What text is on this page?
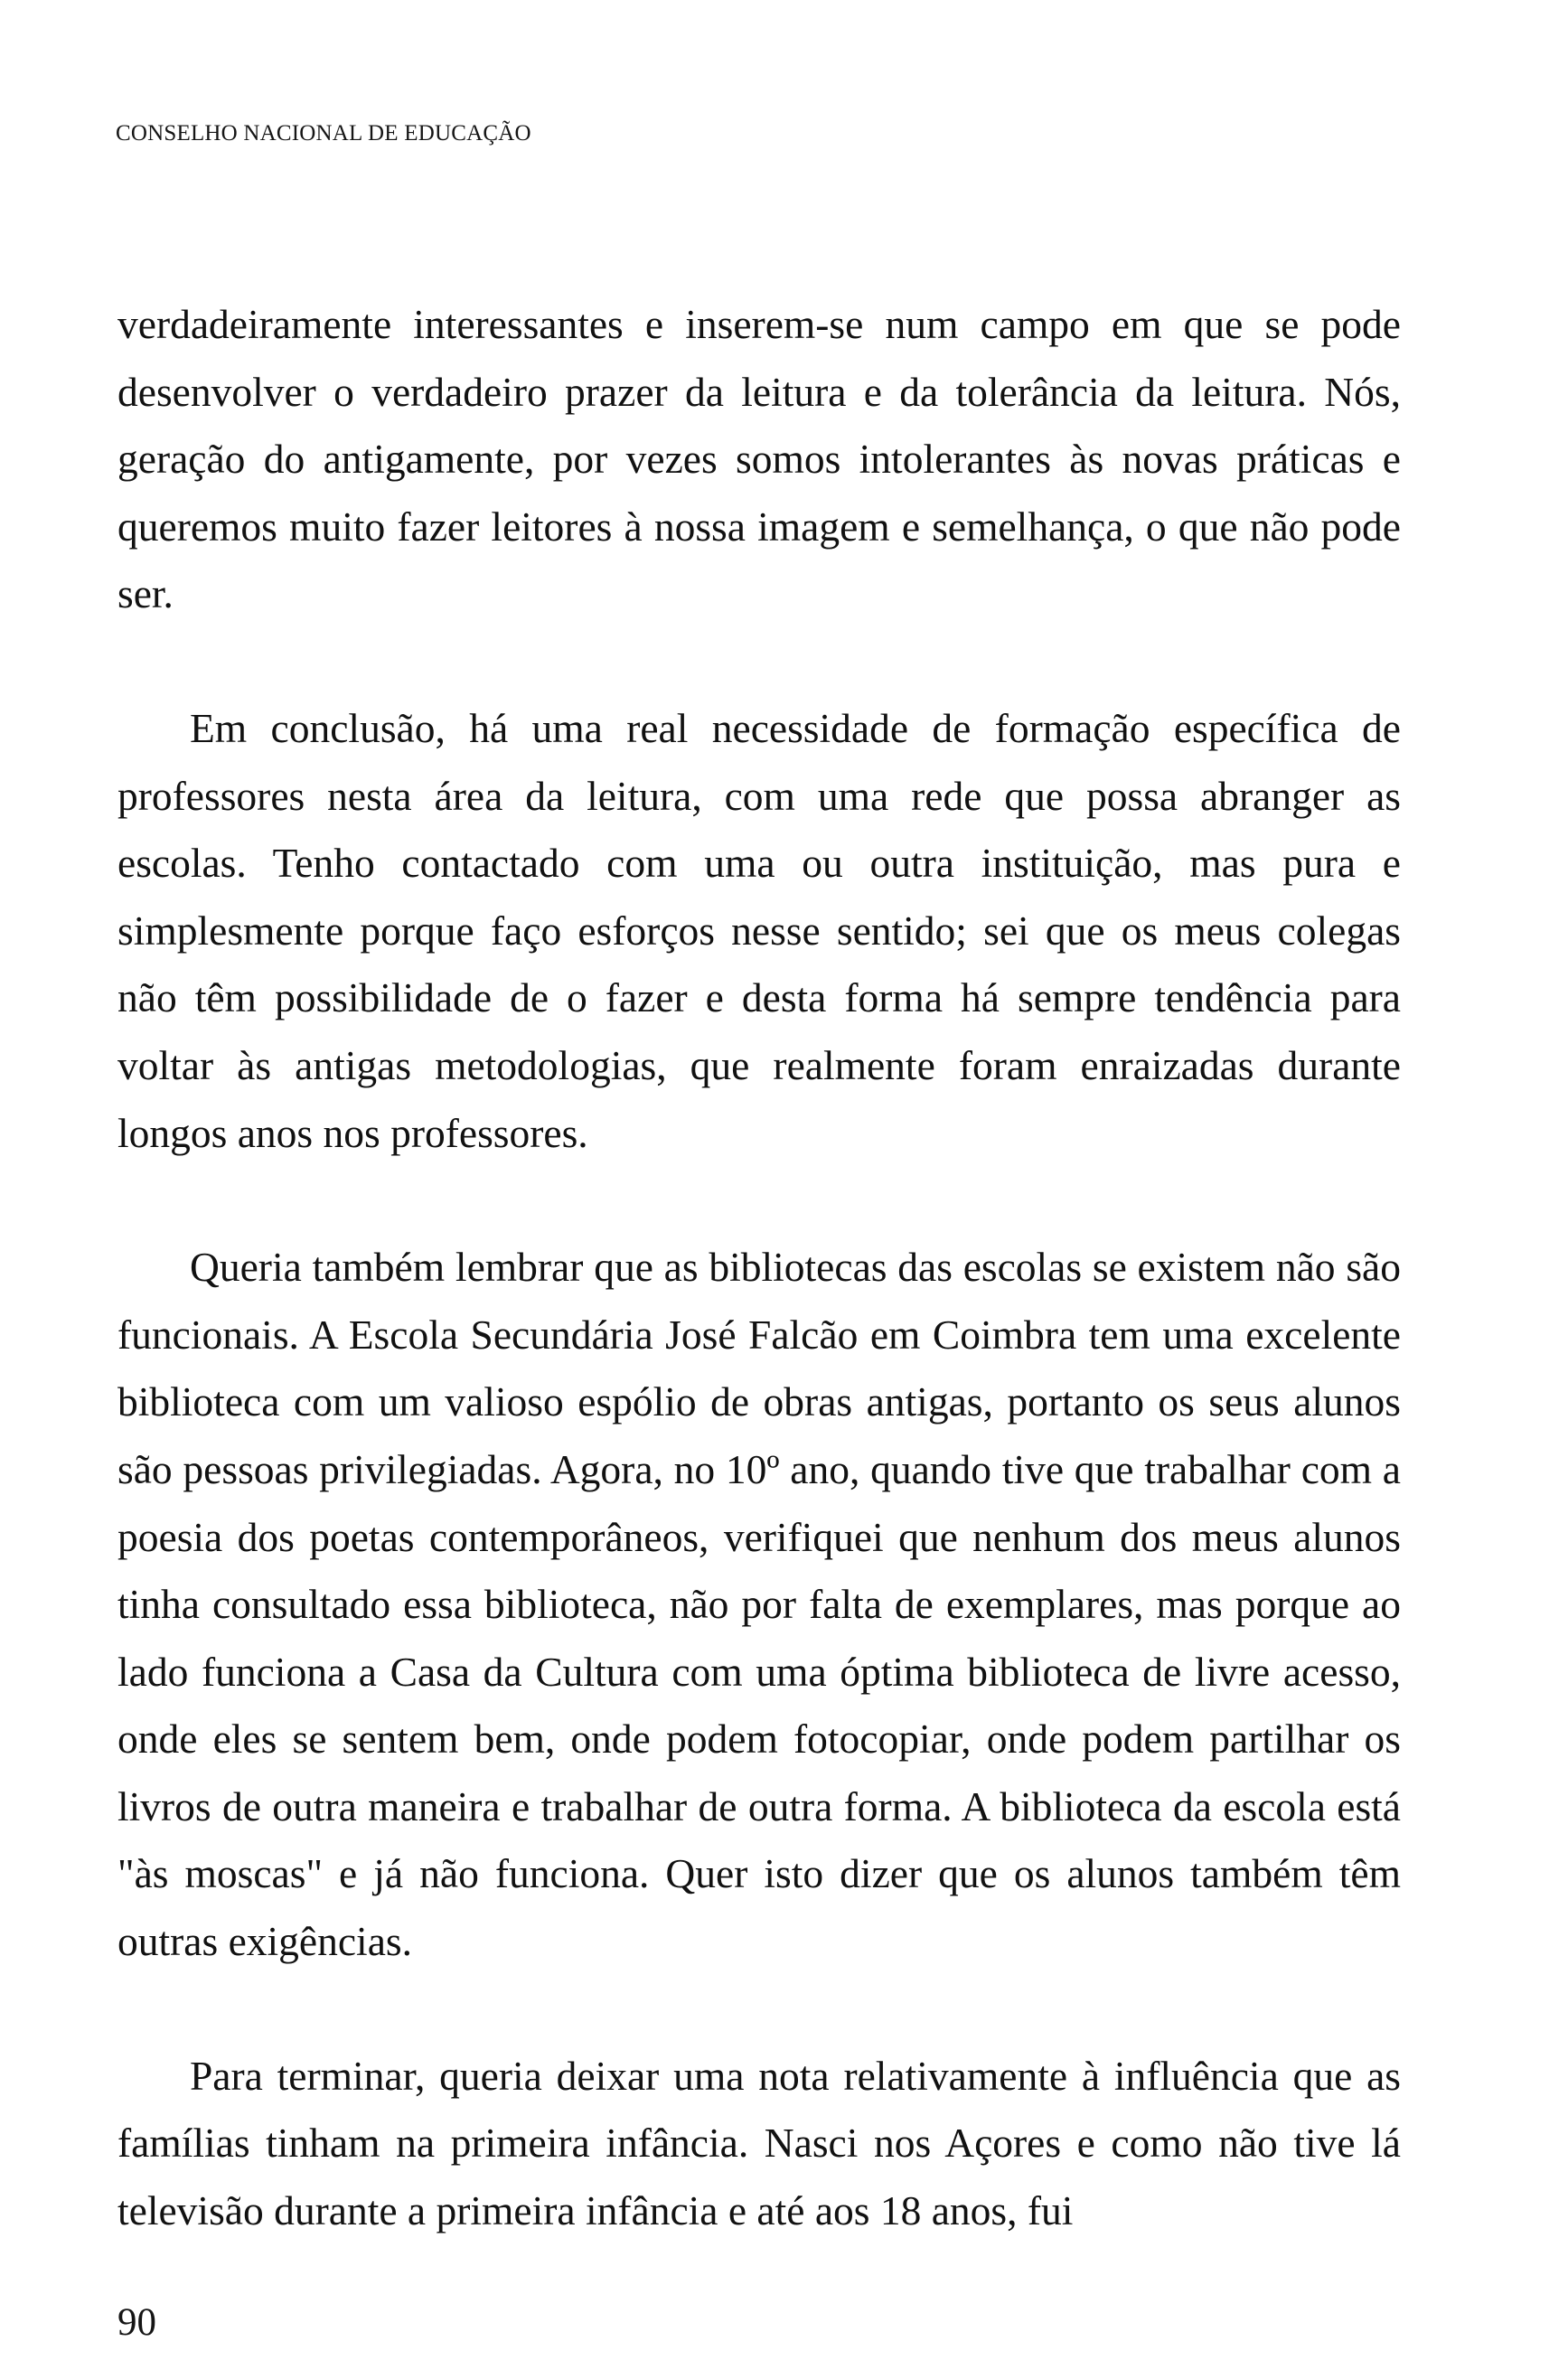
CONSELHO NACIONAL DE EDUCAÇÃO

verdadeiramente interessantes e inserem-se num campo em que se pode desenvolver o verdadeiro prazer da leitura e da tolerância da leitura. Nós, geração do antigamente, por vezes somos intolerantes às novas práticas e queremos muito fazer leitores à nossa imagem e semelhança, o que não pode ser.

Em conclusão, há uma real necessidade de formação específica de professores nesta área da leitura, com uma rede que possa abranger as escolas. Tenho contactado com uma ou outra instituição, mas pura e simplesmente porque faço esforços nesse sentido; sei que os meus colegas não têm possibilidade de o fazer e desta forma há sempre tendência para voltar às antigas metodologias, que realmente foram enraizadas durante longos anos nos professores.

Queria também lembrar que as bibliotecas das escolas se existem não são funcionais. A Escola Secundária José Falcão em Coimbra tem uma excelente biblioteca com um valioso espólio de obras antigas, portanto os seus alunos são pessoas privilegiadas. Agora, no 10º ano, quando tive que trabalhar com a poesia dos poetas contemporâneos, verifiquei que nenhum dos meus alunos tinha consultado essa biblioteca, não por falta de exemplares, mas porque ao lado funciona a Casa da Cultura com uma óptima biblioteca de livre acesso, onde eles se sentem bem, onde podem fotocopiar, onde podem partilhar os livros de outra maneira e trabalhar de outra forma. A biblioteca da escola está "às moscas" e já não funciona. Quer isto dizer que os alunos também têm outras exigências.

Para terminar, queria deixar uma nota relativamente à influência que as famílias tinham na primeira infância. Nasci nos Açores e como não tive lá televisão durante a primeira infância e até aos 18 anos, fui

90
